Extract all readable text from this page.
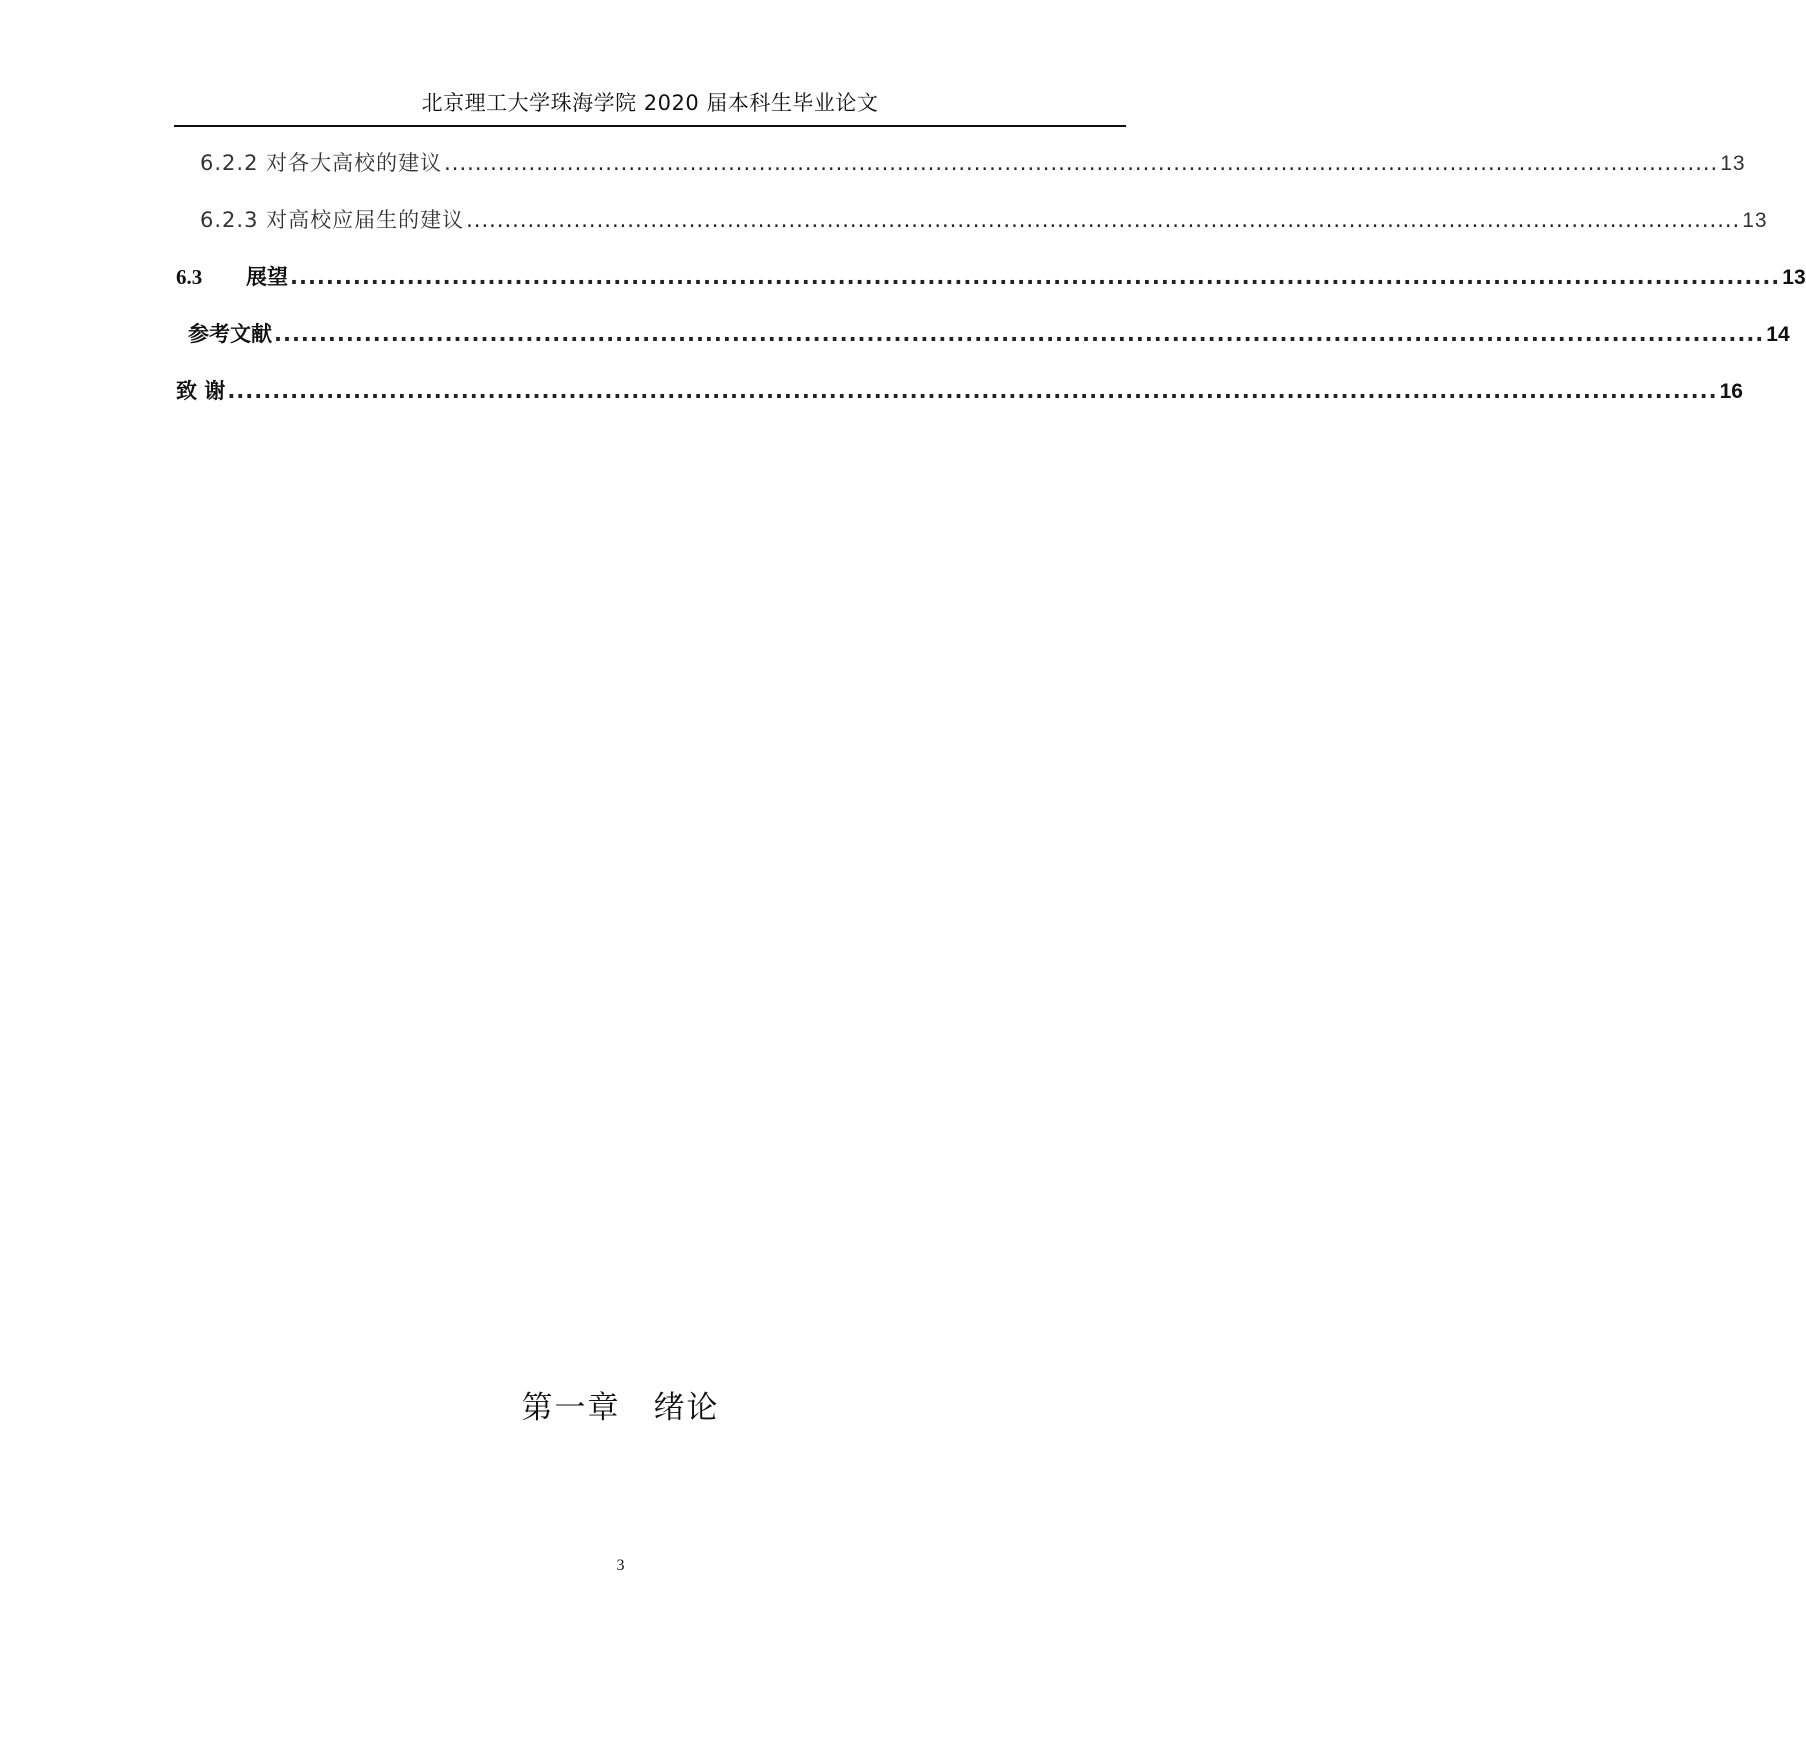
北京理工大学珠海学院 2020 届本科生毕业论文
6.2.2 对各大高校的建议 ...................................................................................................................................................................... 13
6.2.3 对高校应届生的建议 ...................................................................................................................................................................... 13
6.3 展望 ...................................................................................................................................................................... 13
参考文献 ...................................................................................................................................................................... 14
致 谢 ...................................................................................................................................................................... 16
第一章　绪论
3
